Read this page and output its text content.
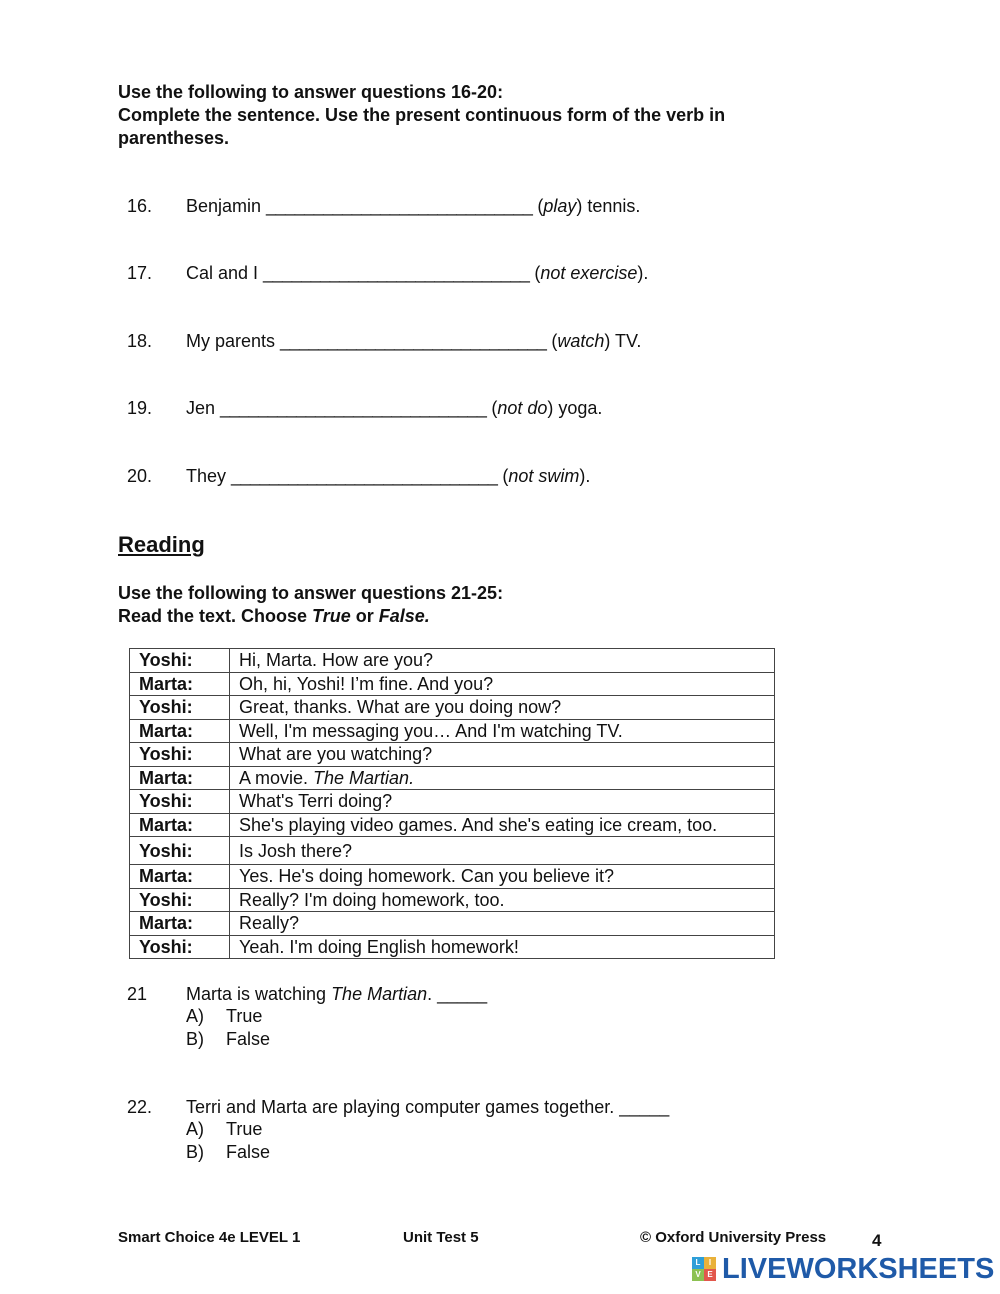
Use the following to answer questions 16-20:
Complete the sentence. Use the present continuous form of the verb in
parentheses.
16. Benjamin ____________________________ (play) tennis.
17. Cal and I ____________________________ (not exercise).
18. My parents ____________________________ (watch) TV.
19. Jen ____________________________ (not do) yoga.
20. They ____________________________ (not swim).
Reading
Use the following to answer questions 21-25:
Read the text. Choose True or False.
Yoshi:	Hi, Marta. How are you?
Marta:	Oh, hi, Yoshi! I’m fine. And you?
Yoshi:	Great, thanks. What are you doing now?
Marta:	Well, I'm messaging you… And I'm watching TV.
Yoshi:	What are you watching?
Marta:	A movie. The Martian.
Yoshi:	What's Terri doing?
Marta:	She's playing video games. And she's eating ice cream, too.
Yoshi:	Is Josh there?
Marta:	Yes. He's doing homework. Can you believe it?
Yoshi:	Really? I'm doing homework, too.
Marta:	Really?
Yoshi:	Yeah. I'm doing English homework!
21 Marta is watching The Martian. _____
A) True
B) False
22. Terri and Marta are playing computer games together. _____
A) True
B) False
Smart Choice 4e LEVEL 1	Unit Test 5	© Oxford University Press	4
L	I
V E LIVEWORKSHEETS
